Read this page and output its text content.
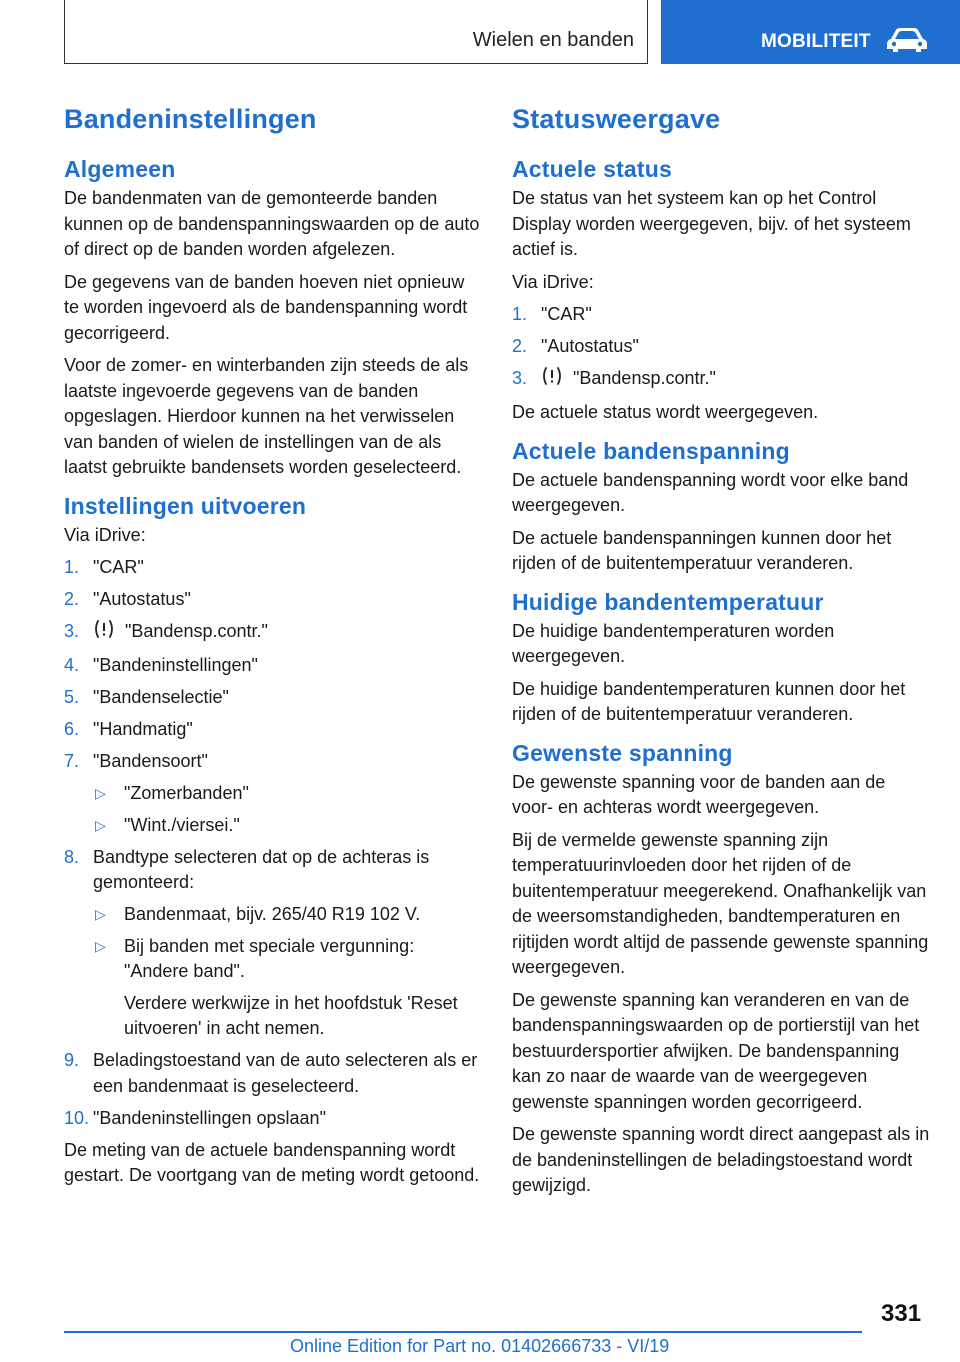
Wielen en banden	MOBILITEIT
Bandeninstellingen
Algemeen

De bandenmaten van de gemonteerde banden kunnen op de bandenspanningswaarden op de auto of direct op de banden worden afgelezen.

De gegevens van de banden hoeven niet opnieuw te worden ingevoerd als de bandenspanning wordt gecorrigeerd.

Voor de zomer- en winterbanden zijn steeds de als laatste ingevoerde gegevens van de banden opgeslagen. Hierdoor kunnen na het verwisselen van banden of wielen de instellingen van de als laatst gebruikte bandensets worden geselecteerd.

Instellingen uitvoeren

Via iDrive:

1. "CAR"
2. "Autostatus"
3.	"Bandensp.contr."
4. "Bandeninstellingen"
5. "Bandenselectie"
6. "Handmatig"
7. "Bandensoort"
▷ "Zomerbanden"
▷ "Wint./viersei."
8. Bandtype selecteren dat op de achteras is gemonteerd:
▷ Bandenmaat, bijv. 265/40 R19 102 V.
▷ Bij banden met speciale vergunning: "Andere band".
Verdere werkwijze in het hoofdstuk 'Reset uitvoeren' in acht nemen.
9. Beladingstoestand van de auto selecteren als er een bandenmaat is geselecteerd.
10. "Bandeninstellingen opslaan"

De meting van de actuele bandenspanning wordt gestart. De voortgang van de meting wordt getoond.

Statusweergave
Actuele status

De status van het systeem kan op het Control Display worden weergegeven, bijv. of het systeem actief is.

Via iDrive:

1. "CAR"
2. "Autostatus"
3.	"Bandensp.contr."

De actuele status wordt weergegeven.

Actuele bandenspanning

De actuele bandenspanning wordt voor elke band weergegeven.

De actuele bandenspanningen kunnen door het rijden of de buitentemperatuur veranderen.

Huidige bandentemperatuur

De huidige bandentemperaturen worden weergegeven.

De huidige bandentemperaturen kunnen door het rijden of de buitentemperatuur veranderen.

Gewenste spanning

De gewenste spanning voor de banden aan de voor- en achteras wordt weergegeven.

Bij de vermelde gewenste spanning zijn temperatuurinvloeden door het rijden of de buitentemperatuur meegerekend. Onafhankelijk van de weersomstandigheden, bandtemperaturen en rijtijden wordt altijd de passende gewenste spanning weergegeven.

De gewenste spanning kan veranderen en van de bandenspanningswaarden op de portierstijl van het bestuurdersportier afwijken. De bandenspanning kan zo naar de waarde van de weergegeven gewenste spanningen worden gecorrigeerd.

De gewenste spanning wordt direct aangepast als in de bandeninstellingen de beladingstoestand wordt gewijzigd.

331
Online Edition for Part no. 01402666733 - VI/19
